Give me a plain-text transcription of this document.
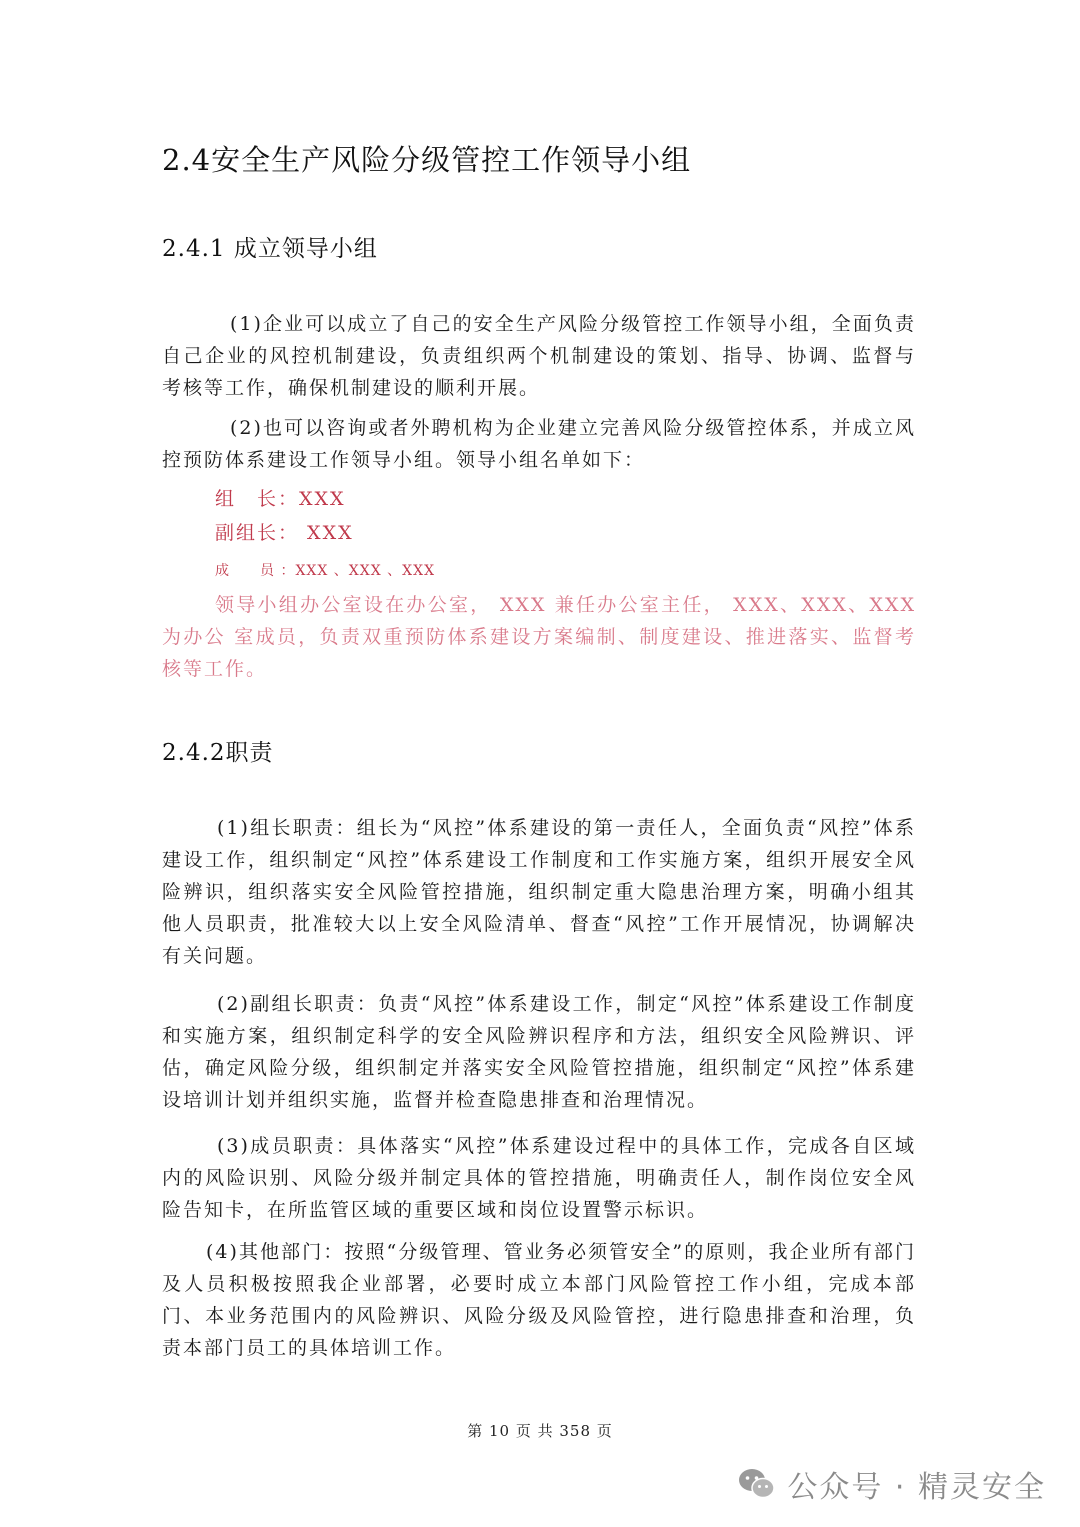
2.4安全生产风险分级管控工作领导小组
2.4.1 成立领导小组

(1)企业可以成立了自己的安全生产风险分级管控工作领导小组，全面负责自己企业的风控机制建设，负责组织两个机制建设的策划、指导、协调、监督与考核等工作，确保机制建设的顺利开展。

(2)也可以咨询或者外聘机构为企业建立完善风险分级管控体系，并成立风控预防体系建设工作领导小组。领导小组名单如下：

组　长：XXX

副组长： XXX

成　　员 ：XXX 、XXX 、XXX

领导小组办公室设在办公室， XXX 兼任办公室主任， XXX、XXX、XXX 为办公 室成员，负责双重预防体系建设方案编制、制度建设、推进落实、监督考核等工作。

2.4.2职责

(1)组长职责：组长为“风控”体系建设的第一责任人，全面负责“风控”体系建设工作，组织制定“风控”体系建设工作制度和工作实施方案，组织开展安全风险辨识，组织落实安全风险管控措施，组织制定重大隐患治理方案，明确小组其他人员职责，批准较大以上安全风险清单、督查“风控”工作开展情况，协调解决有关问题。

(2)副组长职责：负责“风控”体系建设工作，制定“风控”体系建设工作制度和实施方案，组织制定科学的安全风险辨识程序和方法，组织安全风险辨识、评估，确定风险分级，组织制定并落实安全风险管控措施，组织制定“风控”体系建设培训计划并组织实施，监督并检查隐患排查和治理情况。

(3)成员职责：具体落实“风控”体系建设过程中的具体工作，完成各自区域内的风险识别、风险分级并制定具体的管控措施，明确责任人，制作岗位安全风险告知卡，在所监管区域的重要区域和岗位设置警示标识。

(4)其他部门：按照“分级管理、管业务必须管安全”的原则，我企业所有部门及人员积极按照我企业部署，必要时成立本部门风险管控工作小组，完成本部门、本业务范围内的风险辨识、风险分级及风险管控，进行隐患排查和治理，负责本部门员工的具体培训工作。

第 10 页 共 358 页
公众号 · 精灵安全
